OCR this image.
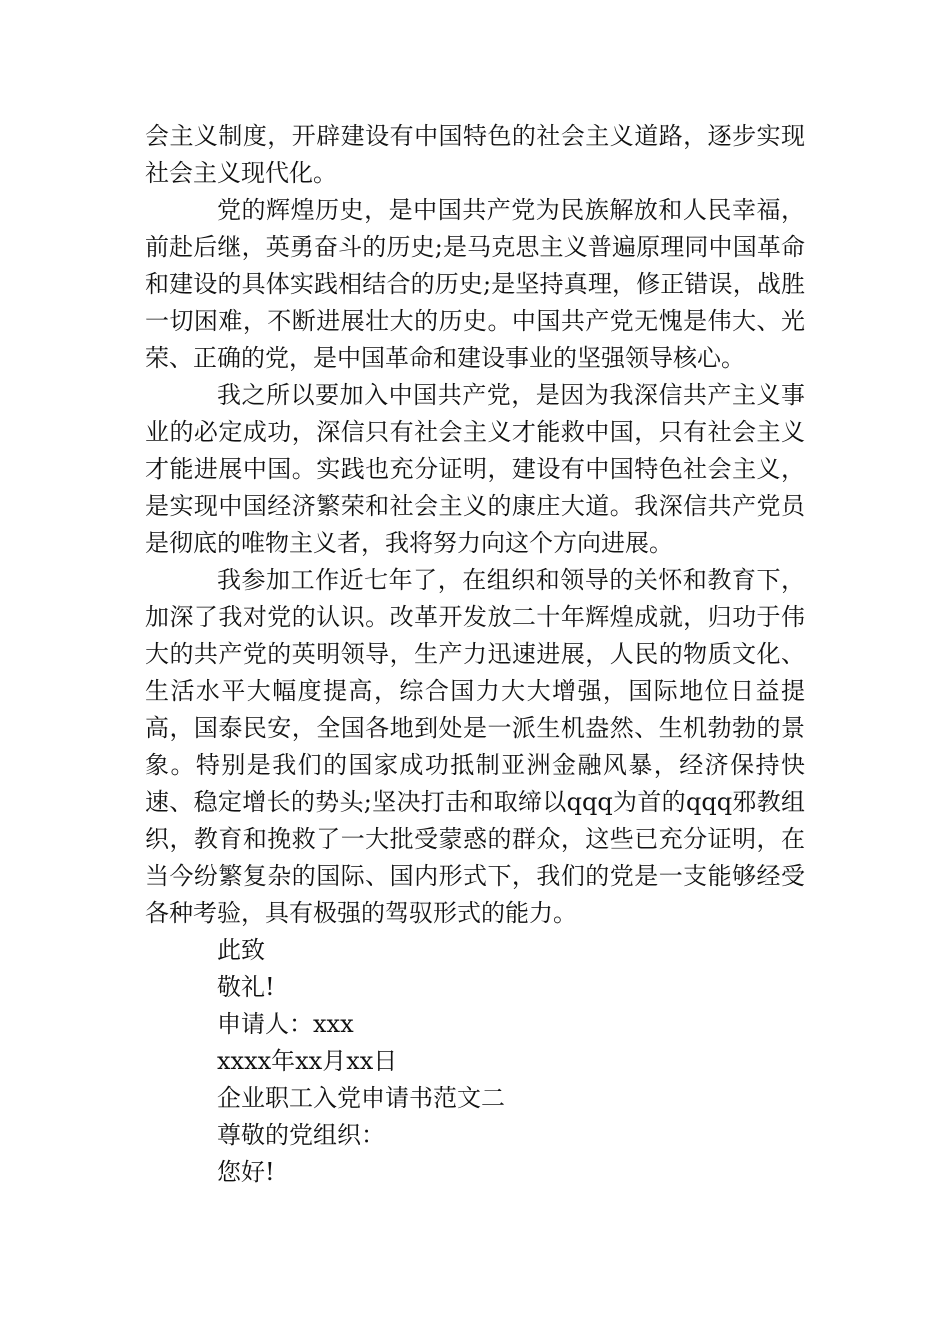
会主义制度，开辟建设有中国特色的社会主义道路，逐步实现社会主义现代化。

党的辉煌历史，是中国共产党为民族解放和人民幸福，前赴后继，英勇奋斗的历史;是马克思主义普遍原理同中国革命和建设的具体实践相结合的历史;是坚持真理，修正错误，战胜一切困难，不断进展壮大的历史。中国共产党无愧是伟大、光荣、正确的党，是中国革命和建设事业的坚强领导核心。

我之所以要加入中国共产党，是因为我深信共产主义事业的必定成功，深信只有社会主义才能救中国，只有社会主义才能进展中国。实践也充分证明，建设有中国特色社会主义，是实现中国经济繁荣和社会主义的康庄大道。我深信共产党员是彻底的唯物主义者，我将努力向这个方向进展。

我参加工作近七年了，在组织和领导的关怀和教育下，加深了我对党的认识。改革开发放二十年辉煌成就，归功于伟大的共产党的英明领导，生产力迅速进展，人民的物质文化、生活水平大幅度提高，综合国力大大增强，国际地位日益提高，国泰民安，全国各地到处是一派生机盎然、生机勃勃的景象。特别是我们的国家成功抵制亚洲金融风暴，经济保持快速、稳定增长的势头;坚决打击和取缔以qqq为首的qqq邪教组织，教育和挽救了一大批受蒙惑的群众，这些已充分证明，在当今纷繁复杂的国际、国内形式下，我们的党是一支能够经受各种考验，具有极强的驾驭形式的能力。

此致

敬礼!

申请人：xxx

xxxx年xx月xx日

企业职工入党申请书范文二

尊敬的党组织：

您好!
